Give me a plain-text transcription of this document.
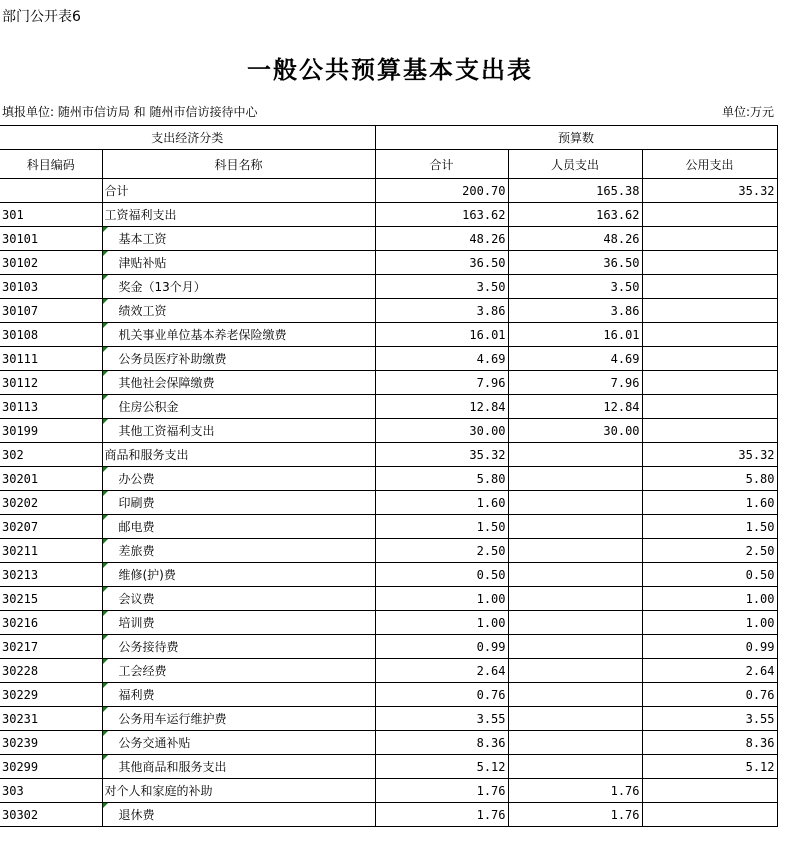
部门公开表6
一般公共预算基本支出表
填报单位: 随州市信访局 和 随州市信访接待中心	单位:万元
支出经济分类		预算数		
科目编码	科目名称	合计	人员支出	公用支出
	合计	200.70	165.38	35.32
301	工资福利支出	163.62	163.62	
30101	基本工资	48.26	48.26	
30102	津贴补贴	36.50	36.50	
30103	奖金（13个月）	3.50	3.50	
30107	绩效工资	3.86	3.86	
30108	机关事业单位基本养老保险缴费	16.01	16.01	
30111	公务员医疗补助缴费	4.69	4.69	
30112	其他社会保障缴费	7.96	7.96	
30113	住房公积金	12.84	12.84	
30199	其他工资福利支出	30.00	30.00	
302	商品和服务支出	35.32		35.32
30201	办公费	5.80		5.80
30202	印刷费	1.60		1.60
30207	邮电费	1.50		1.50
30211	差旅费	2.50		2.50
30213	维修(护)费	0.50		0.50
30215	会议费	1.00		1.00
30216	培训费	1.00		1.00
30217	公务接待费	0.99		0.99
30228	工会经费	2.64		2.64
30229	福利费	0.76		0.76
30231	公务用车运行维护费	3.55		3.55
30239	公务交通补贴	8.36		8.36
30299	其他商品和服务支出	5.12		5.12
303	对个人和家庭的补助	1.76	1.76	
30302	退休费	1.76	1.76	
